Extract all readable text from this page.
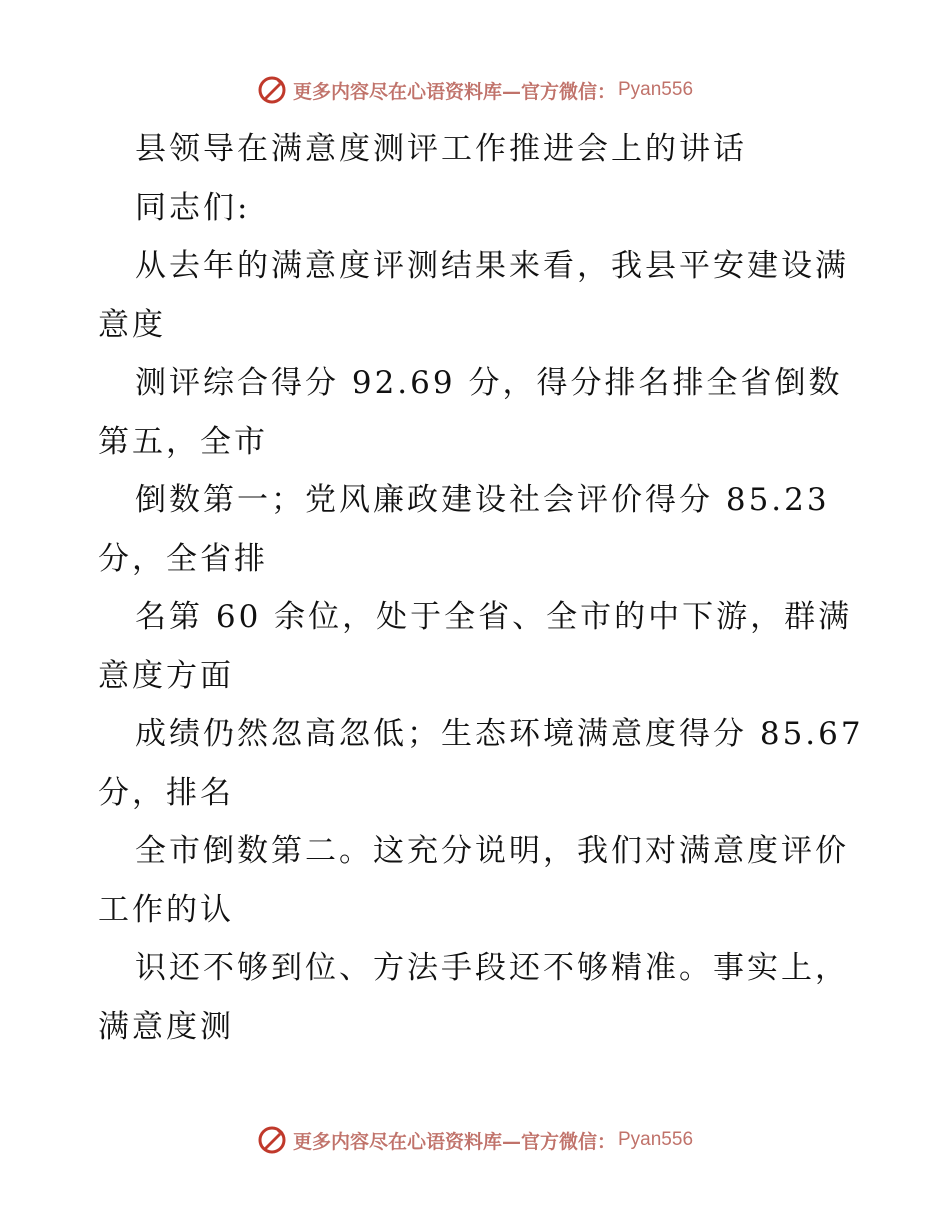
更多内容尽在心语资料库—官方微信： Pyan556
县领导在满意度测评工作推进会上的讲话
同志们:
从去年的满意度评测结果来看，我县平安建设满
意度
测评综合得分 92.69 分，得分排名排全省倒数
第五，全市
倒数第一；党风廉政建设社会评价得分 85.23
分，全省排
名第 60 余位，处于全省、全市的中下游，群满
意度方面
成绩仍然忽高忽低；生态环境满意度得分 85.67
分，排名
全市倒数第二。这充分说明，我们对满意度评价
工作的认
识还不够到位、方法手段还不够精准。事实上，
满意度测
更多内容尽在心语资料库—官方微信： Pyan556
